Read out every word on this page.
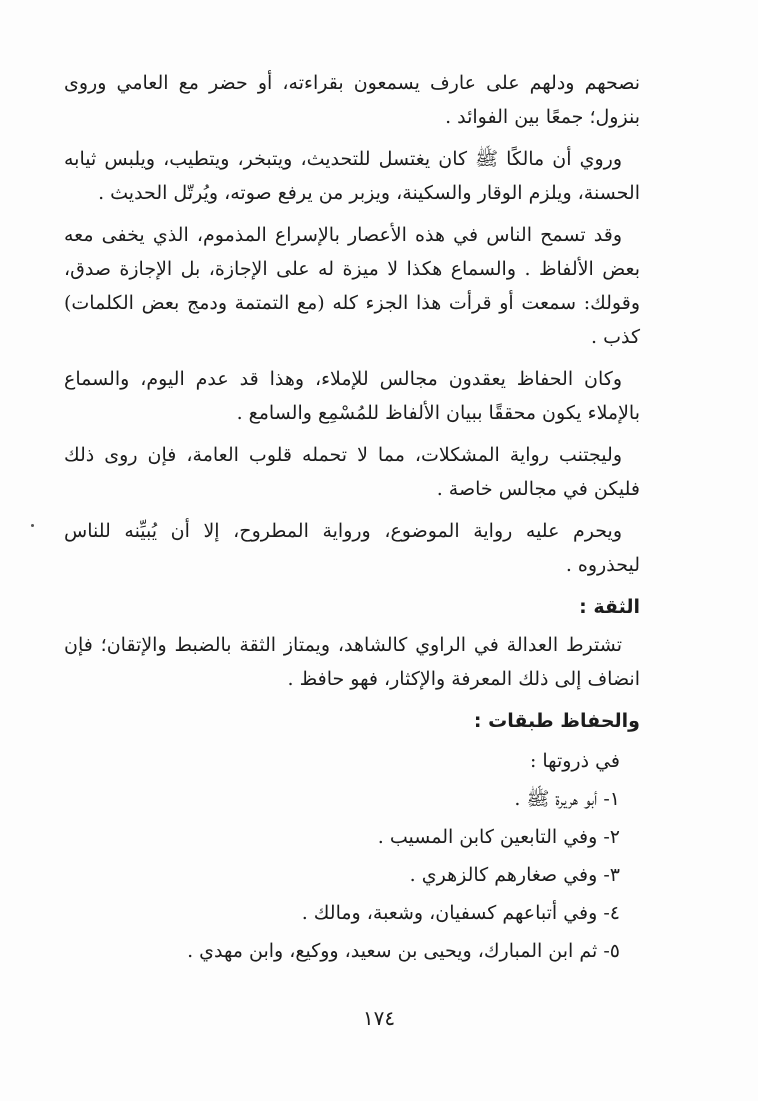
نصحهم ودلهم على عارف يسمعون بقراءته، أو حضر مع العامي وروى بنزول؛ جمعًا بين الفوائد .

وروي أن مالكًا ﷺ كان يغتسل للتحديث، ويتبخر، ويتطيب، ويلبس ثيابه الحسنة، ويلزم الوقار والسكينة، ويزبر من يرفع صوته، ويُرتّل الحديث .

وقد تسمح الناس في هذه الأعصار بالإسراع المذموم، الذي يخفى معه بعض الألفاظ . والسماع هكذا لا ميزة له على الإجازة، بل الإجازة صدق، وقولك: سمعت أو قرأت هذا الجزء كله (مع التمتمة ودمج بعض الكلمات) كذب .

وكان الحفاظ يعقدون مجالس للإملاء، وهذا قد عدم اليوم، والسماع بالإملاء يكون محققًا ببيان الألفاظ للمُسْمِع والسامع .

وليجتنب رواية المشكلات، مما لا تحمله قلوب العامة، فإن روى ذلك فليكن في مجالس خاصة .

ويحرم عليه رواية الموضوع، ورواية المطروح، إلا أن يُبيِّنه للناس ليحذروه .

الثقة :

تشترط العدالة في الراوي كالشاهد، ويمتاز الثقة بالضبط والإتقان؛ فإن انضاف إلى ذلك المعرفة والإكثار، فهو حافظ .

والحفاظ طبقات :

في ذروتها :

١- أبو هريرة ﷺ .
٢- وفي التابعين كابن المسيب .
٣- وفي صغارهم كالزهري .
٤- وفي أتباعهم كسفيان، وشعبة، ومالك .
٥- ثم ابن المبارك، ويحيى بن سعيد، ووكيع، وابن مهدي .
١٧٤
